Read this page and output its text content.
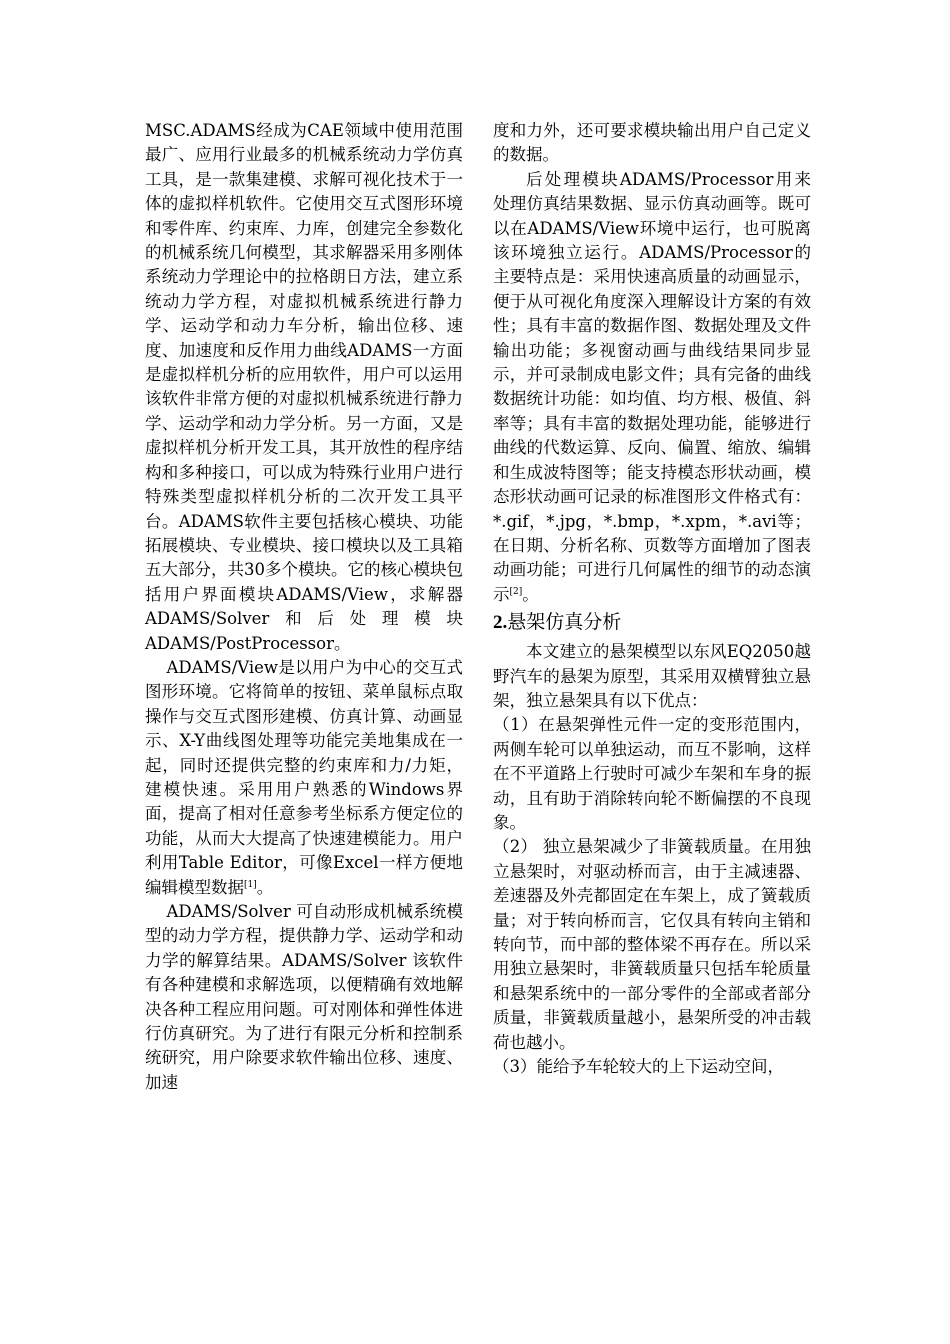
MSC.ADAMS经成为CAE领域中使用范围最广、应用行业最多的机械系统动力学仿真工具，是一款集建模、求解可视化技术于一体的虚拟样机软件。它使用交互式图形环境和零件库、约束库、力库，创建完全参数化的机械系统几何模型，其求解器采用多刚体系统动力学理论中的拉格朗日方法，建立系统动力学方程，对虚拟机械系统进行静力学、运动学和动力车分析，输出位移、速度、加速度和反作用力曲线ADAMS一方面是虚拟样机分析的应用软件，用户可以运用该软件非常方便的对虚拟机械系统进行静力学、运动学和动力学分析。另一方面，又是虚拟样机分析开发工具，其开放性的程序结构和多种接口，可以成为特殊行业用户进行特殊类型虚拟样机分析的二次开发工具平台。ADAMS软件主要包括核心模块、功能拓展模块、专业模块、接口模块以及工具箱五大部分，共30多个模块。它的核心模块包括用户界面模块ADAMS/View，求解器ADAMS/Solver和后处理模块ADAMS/PostProcessor。

ADAMS/View是以用户为中心的交互式图形环境。它将简单的按钮、菜单鼠标点取操作与交互式图形建模、仿真计算、动画显示、X-Y曲线图处理等功能完美地集成在一起，同时还提供完整的约束库和力/力矩，建模快速。采用用户熟悉的Windows界面，提高了相对任意参考坐标系方便定位的功能，从而大大提高了快速建模能力。用户利用Table Editor，可像Excel一样方便地编辑模型数据[1]。

ADAMS/Solver 可自动形成机械系统模型的动力学方程，提供静力学、运动学和动力学的解算结果。ADAMS/Solver 该软件有各种建模和求解选项，以便精确有效地解决各种工程应用问题。可对刚体和弹性体进行仿真研究。为了进行有限元分析和控制系统研究，用户除要求软件输出位移、速度、加速

度和力外，还可要求模块输出用户自己定义的数据。

后处理模块ADAMS/Processor用来处理仿真结果数据、显示仿真动画等。既可以在ADAMS/View环境中运行，也可脱离该环境独立运行。ADAMS/Processor的主要特点是：采用快速高质量的动画显示，便于从可视化角度深入理解设计方案的有效性；具有丰富的数据作图、数据处理及文件输出功能；多视窗动画与曲线结果同步显示，并可录制成电影文件；具有完备的曲线数据统计功能：如均值、均方根、极值、斜率等；具有丰富的数据处理功能，能够进行曲线的代数运算、反向、偏置、缩放、编辑和生成波特图等；能支持模态形状动画，模态形状动画可记录的标准图形文件格式有：*.gif，*.jpg，*.bmp，*.xpm，*.avi等；在日期、分析名称、页数等方面增加了图表动画功能；可进行几何属性的细节的动态演示[2]。

2.悬架仿真分析

本文建立的悬架模型以东风EQ2050越野汽车的悬架为原型，其采用双横臂独立悬架，独立悬架具有以下优点：

（1）在悬架弹性元件一定的变形范围内，两侧车轮可以单独运动，而互不影响，这样在不平道路上行驶时可减少车架和车身的振动，且有助于消除转向轮不断偏摆的不良现象。

（2） 独立悬架减少了非簧载质量。在用独立悬架时，对驱动桥而言，由于主减速器、差速器及外壳都固定在车架上，成了簧载质量；对于转向桥而言，它仅具有转向主销和转向节，而中部的整体梁不再存在。所以采用独立悬架时，非簧载质量只包括车轮质量和悬架系统中的一部分零件的全部或者部分质量，非簧载质量越小，悬架所受的冲击载荷也越小。

（3）能给予车轮较大的上下运动空间，
